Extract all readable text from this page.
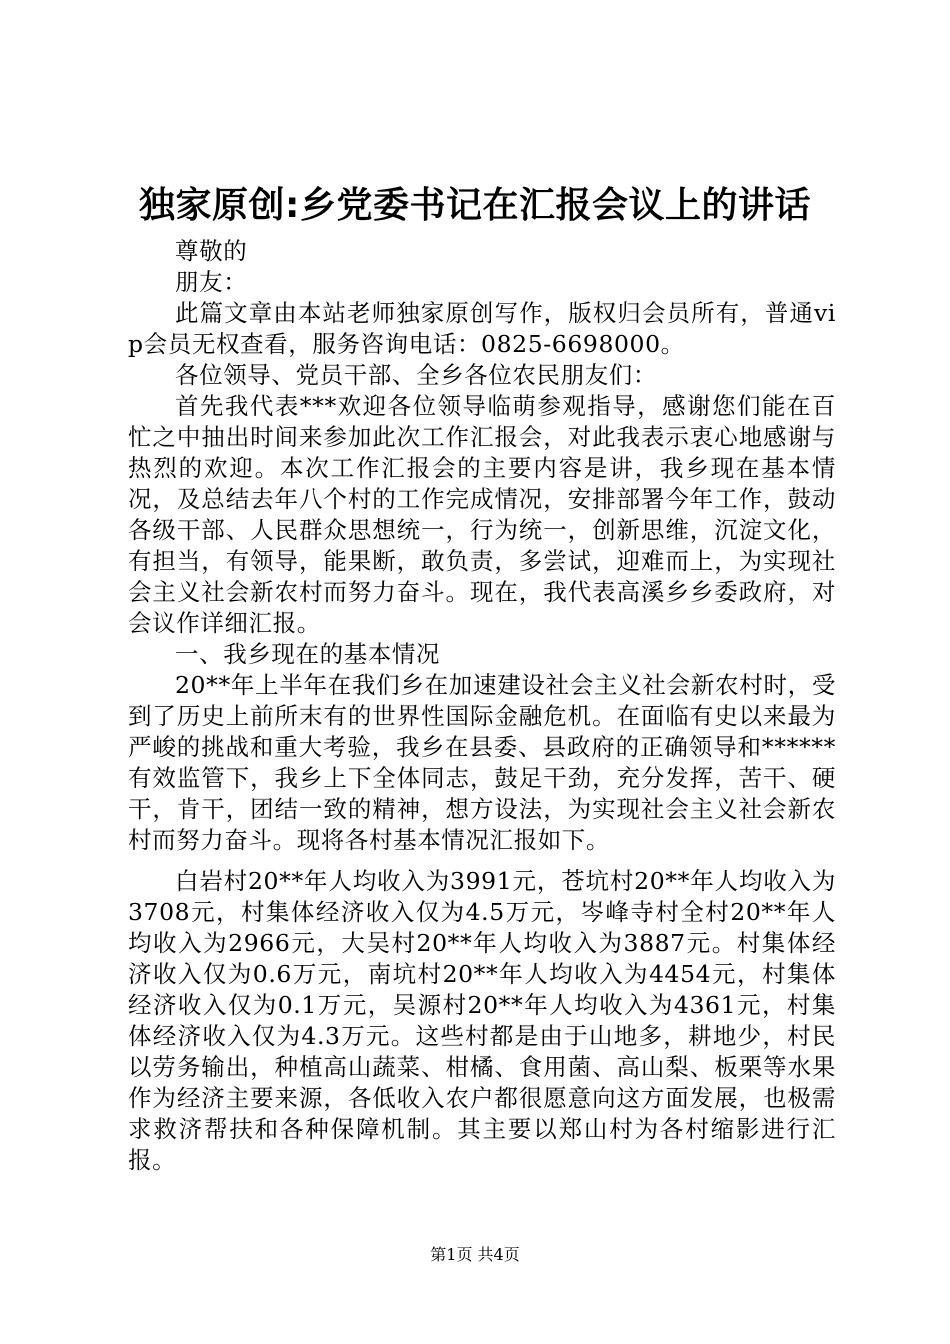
独家原创:乡党委书记在汇报会议上的讲话

尊敬的

朋友：

此篇文章由本站老师独家原创写作，版权归会员所有，普通vip会员无权查看，服务咨询电话：0825-6698000。

各位领导、党员干部、全乡各位农民朋友们：

首先我代表***欢迎各位领导临萌参观指导，感谢您们能在百忙之中抽出时间来参加此次工作汇报会，对此我表示衷心地感谢与热烈的欢迎。本次工作汇报会的主要内容是讲，我乡现在基本情况，及总结去年八个村的工作完成情况，安排部署今年工作，鼓动各级干部、人民群众思想统一，行为统一，创新思维，沉淀文化，有担当，有领导，能果断，敢负责，多尝试，迎难而上，为实现社会主义社会新农村而努力奋斗。现在，我代表高溪乡乡委政府，对会议作详细汇报。

一、我乡现在的基本情况

20**年上半年在我们乡在加速建设社会主义社会新农村时，受到了历史上前所末有的世界性国际金融危机。在面临有史以来最为严峻的挑战和重大考验，我乡在县委、县政府的正确领导和******有效监管下，我乡上下全体同志，鼓足干劲，充分发挥，苦干、硬干，肯干，团结一致的精神，想方设法，为实现社会主义社会新农村而努力奋斗。现将各村基本情况汇报如下。

白岩村20**年人均收入为3991元，苍坑村20**年人均收入为3708元，村集体经济收入仅为4.5万元，岑峰寺村全村20**年人均收入为2966元，大吴村20**年人均收入为3887元。村集体经济收入仅为0.6万元，南坑村20**年人均收入为4454元，村集体经济收入仅为0.1万元，吴源村20**年人均收入为4361元，村集体经济收入仅为4.3万元。这些村都是由于山地多，耕地少，村民以劳务输出，种植高山蔬菜、柑橘、食用菌、高山梨、板栗等水果作为经济主要来源，各低收入农户都很愿意向这方面发展，也极需求救济帮扶和各种保障机制。其主要以郑山村为各村缩影进行汇报。

第1页 共4页
